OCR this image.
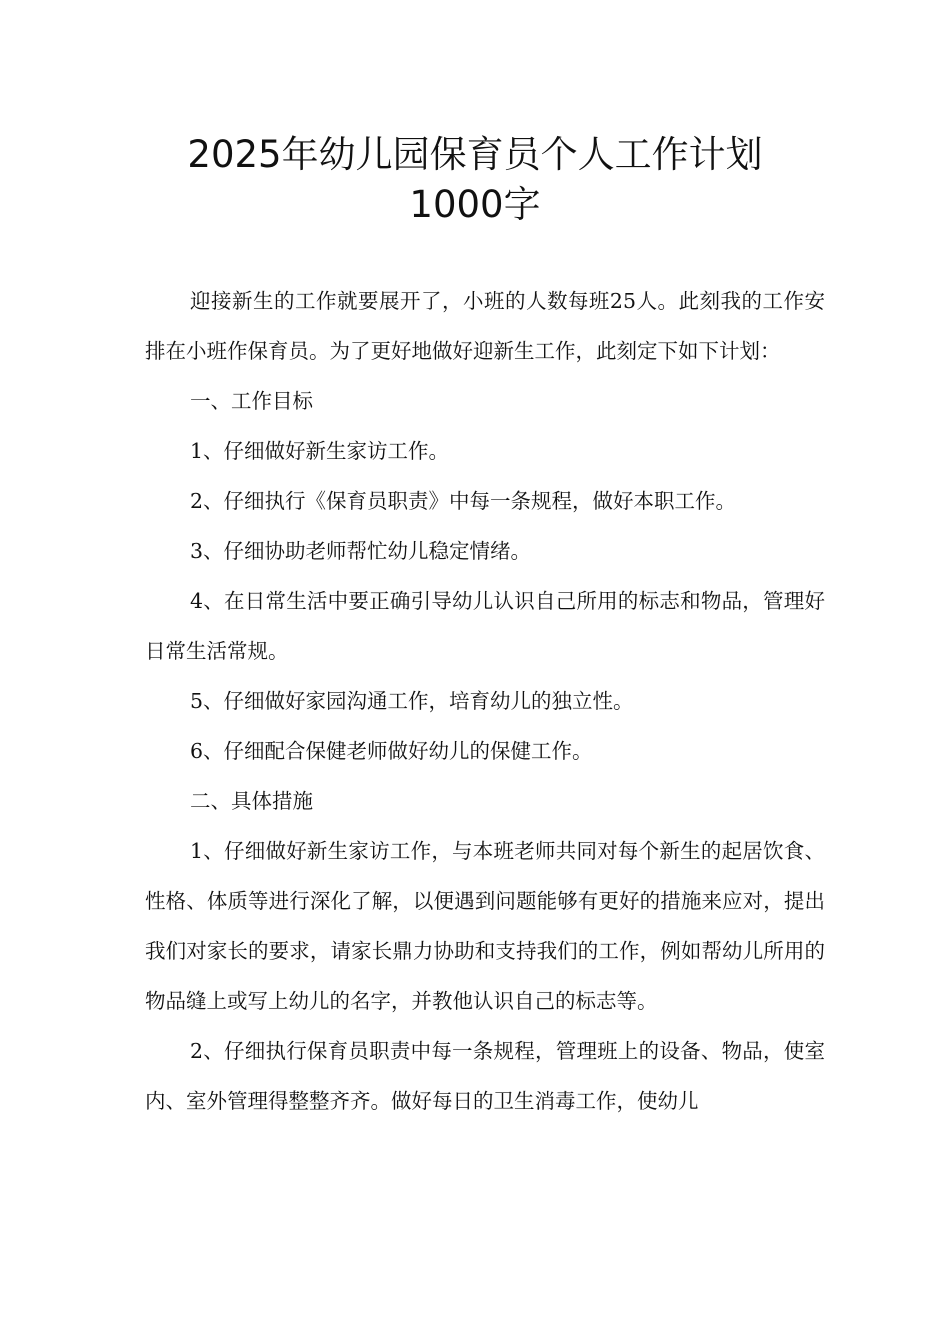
2025年幼儿园保育员个人工作计划
1000字

迎接新生的工作就要展开了，小班的人数每班25人。此刻我的工作安排在小班作保育员。为了更好地做好迎新生工作，此刻定下如下计划：

一、工作目标

1、仔细做好新生家访工作。

2、仔细执行《保育员职责》中每一条规程，做好本职工作。

3、仔细协助老师帮忙幼儿稳定情绪。

4、在日常生活中要正确引导幼儿认识自己所用的标志和物品，管理好日常生活常规。

5、仔细做好家园沟通工作，培育幼儿的独立性。

6、仔细配合保健老师做好幼儿的保健工作。

二、具体措施

1、仔细做好新生家访工作，与本班老师共同对每个新生的起居饮食、性格、体质等进行深化了解，以便遇到问题能够有更好的措施来应对，提出我们对家长的要求，请家长鼎力协助和支持我们的工作，例如帮幼儿所用的物品缝上或写上幼儿的名字，并教他认识自己的标志等。

2、仔细执行保育员职责中每一条规程，管理班上的设备、物品，使室内、室外管理得整整齐齐。做好每日的卫生消毒工作，使幼儿
